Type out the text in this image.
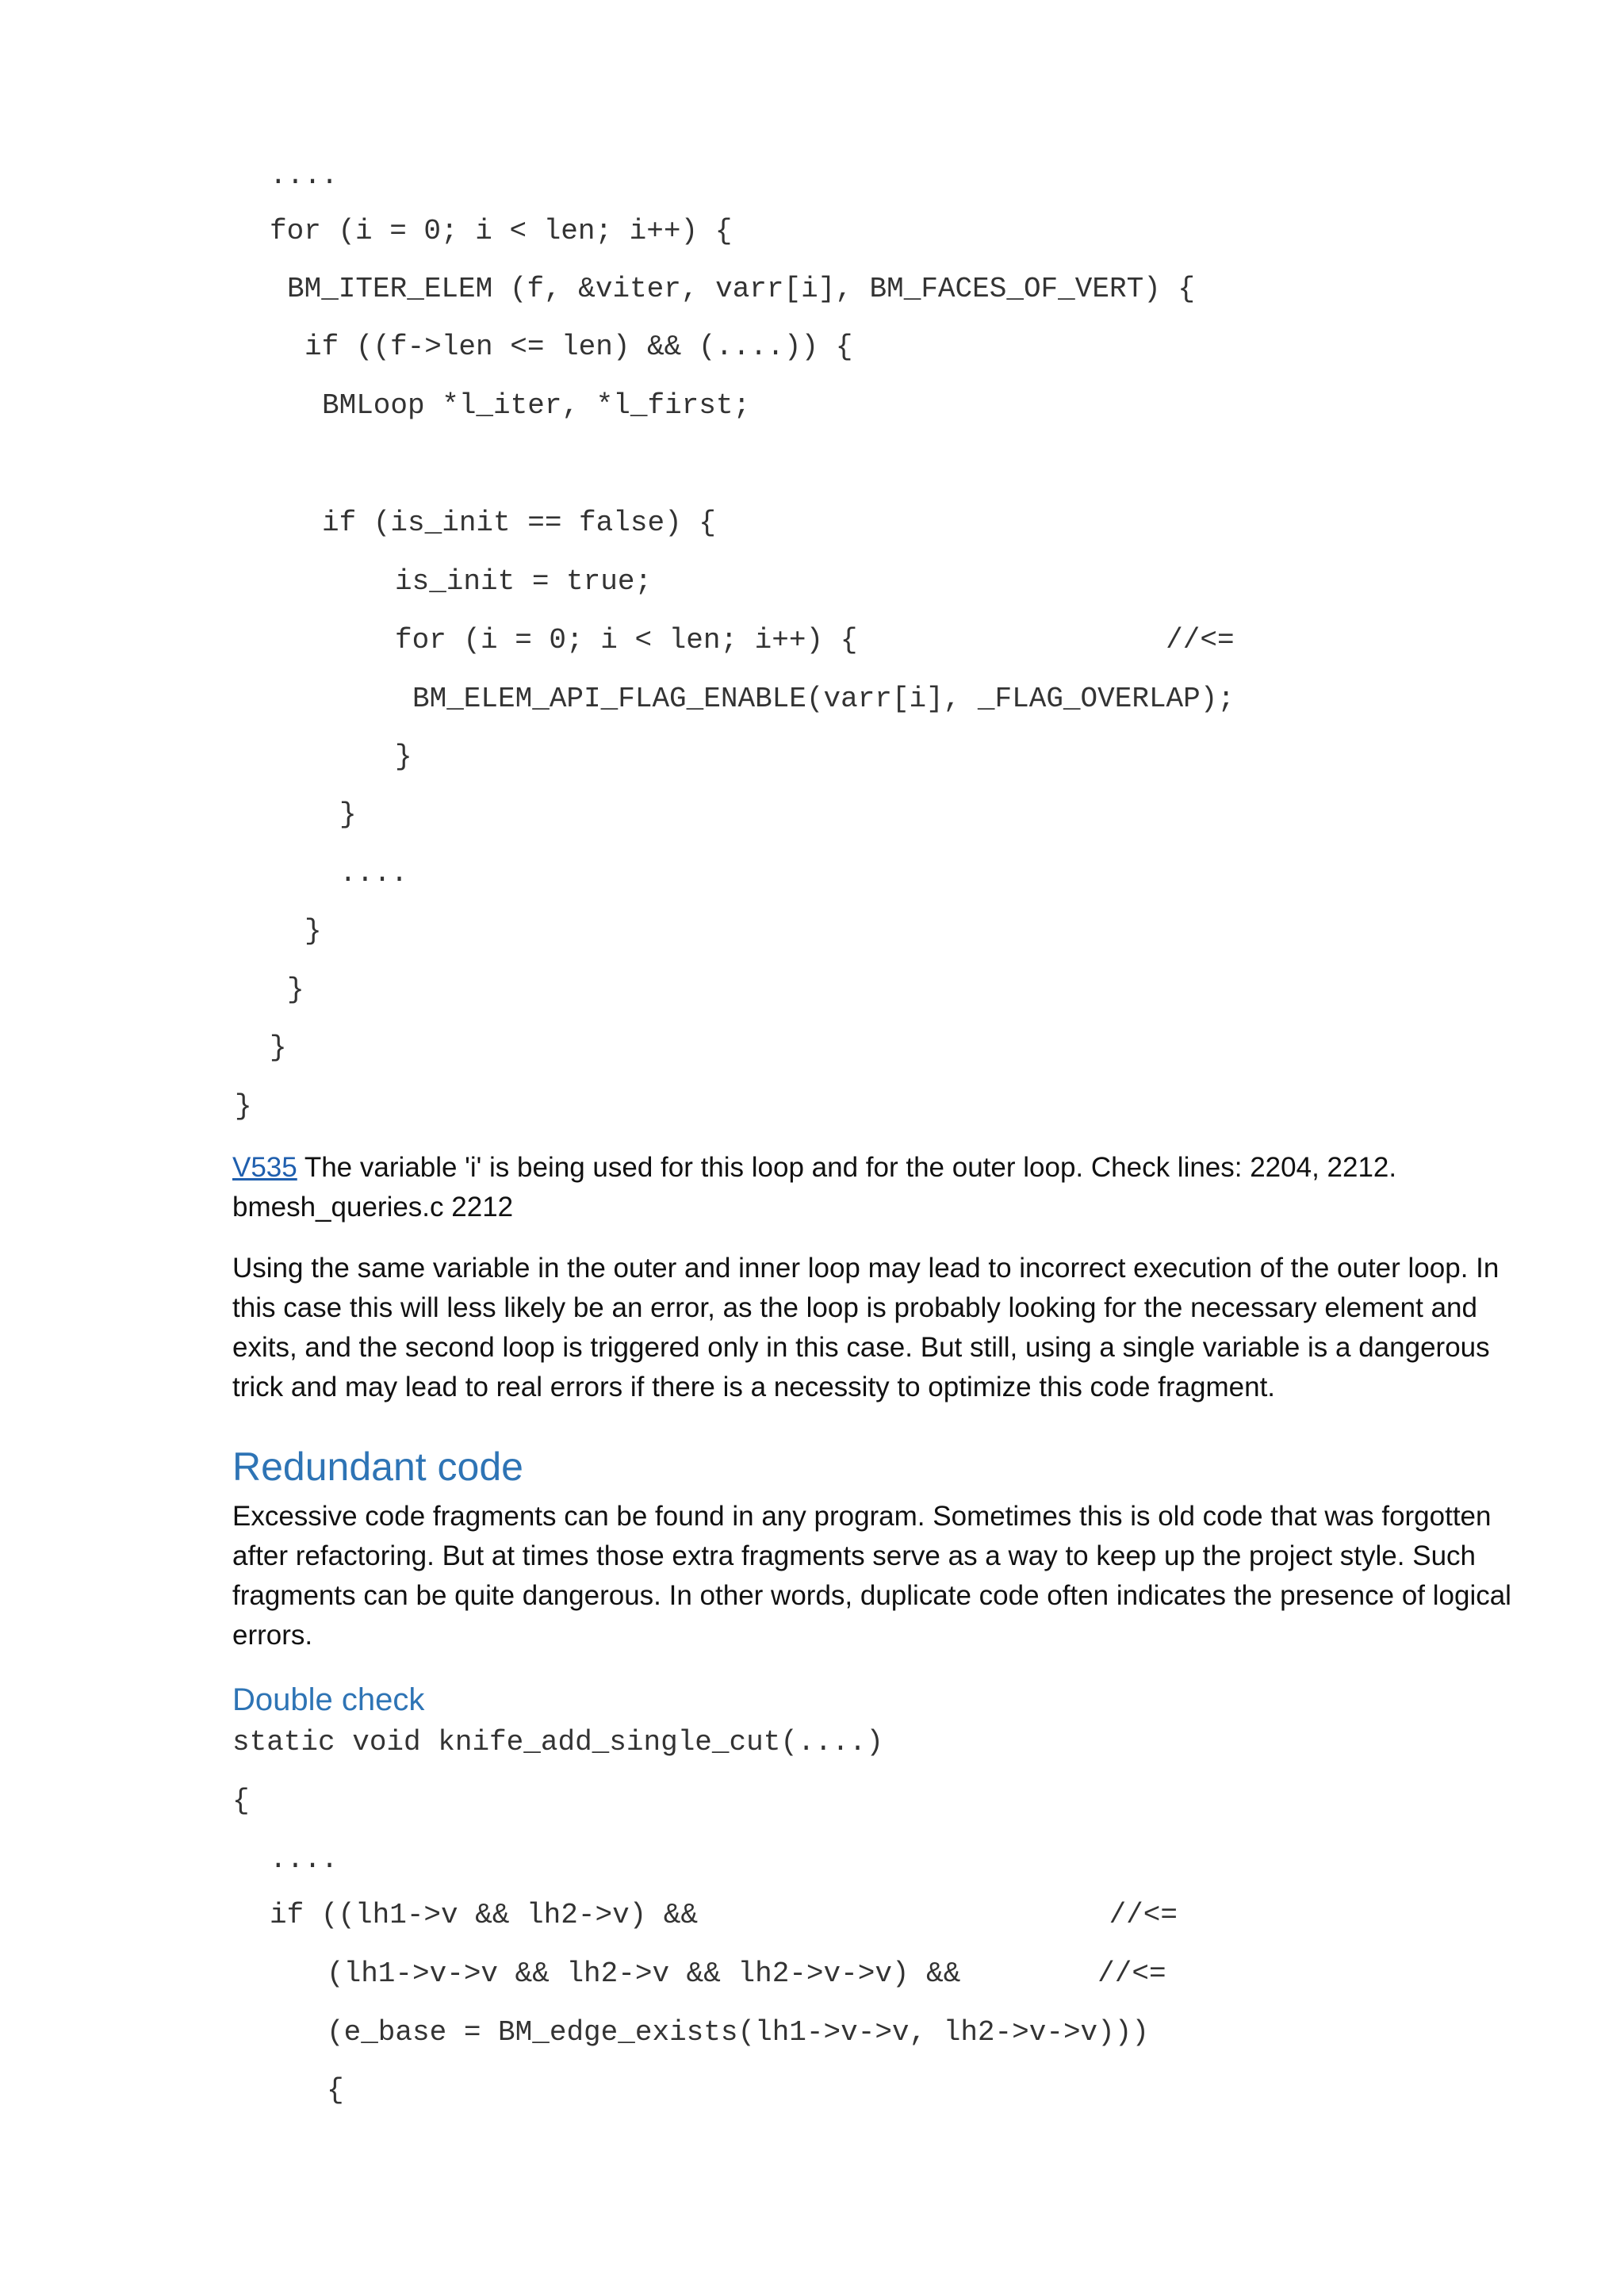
....
for (i = 0; i < len; i++) {
BM_ITER_ELEM (f, &viter, varr[i], BM_FACES_OF_VERT) {
if ((f->len <= len) && (....)) {
BMLoop *l_iter, *l_first;
if (is_init == false) {
is_init = true;
for (i = 0; i < len; i++) {                  //<=
BM_ELEM_API_FLAG_ENABLE(varr[i], _FLAG_OVERLAP);
}
}
....
}
}
}
}

V535 The variable 'i' is being used for this loop and for the outer loop. Check lines: 2204, 2212.
bmesh_queries.c 2212

Using the same variable in the outer and inner loop may lead to incorrect execution of the outer loop. In this case this will less likely be an error, as the loop is probably looking for the necessary element and exits, and the second loop is triggered only in this case. But still, using a single variable is a dangerous trick and may lead to real errors if there is a necessity to optimize this code fragment.

Redundant code

Excessive code fragments can be found in any program. Sometimes this is old code that was forgotten after refactoring. But at times those extra fragments serve as a way to keep up the project style. Such fragments can be quite dangerous. In other words, duplicate code often indicates the presence of logical errors.

Double check
static void knife_add_single_cut(....)
{
....
if ((lh1->v && lh2->v) &&                        //<=
(lh1->v->v && lh2->v && lh2->v->v) &&        //<=
(e_base = BM_edge_exists(lh1->v->v, lh2->v->v)))
{
